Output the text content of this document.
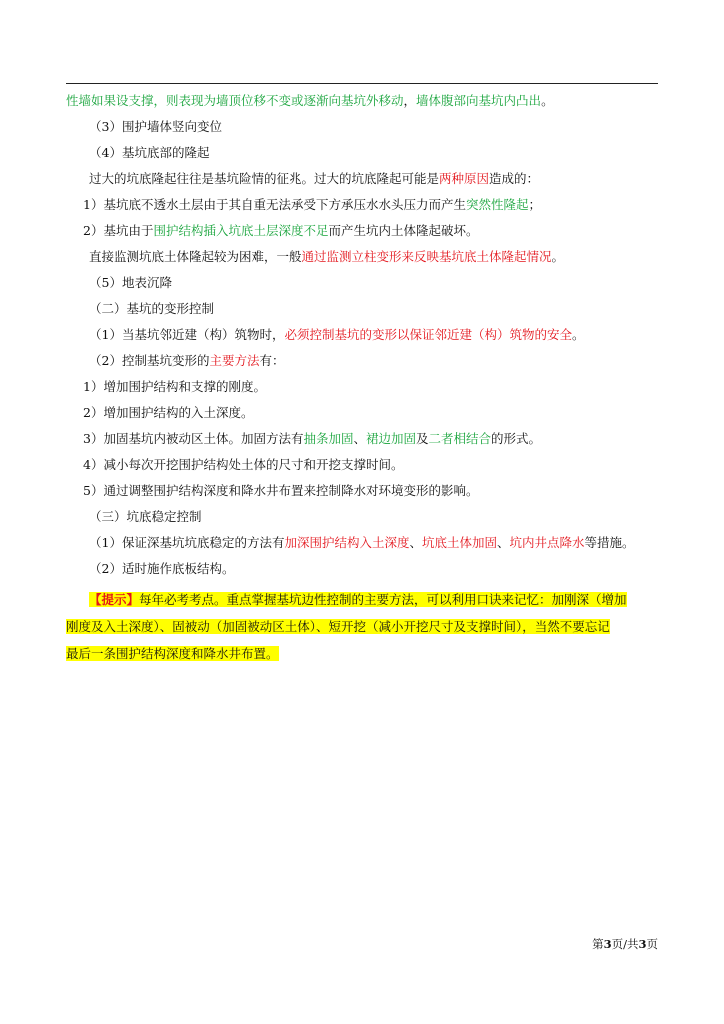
性墙如果设支撑，则表现为墙顶位移不变或逐渐向基坑外移动，墙体腹部向基坑内凸出。
（3）围护墙体竖向变位
（4）基坑底部的隆起
过大的坑底隆起往往是基坑险情的征兆。过大的坑底隆起可能是两种原因造成的：
1）基坑底不透水土层由于其自重无法承受下方承压水水头压力而产生突然性隆起；
2）基坑由于围护结构插入坑底土层深度不足而产生坑内土体隆起破坏。
直接监测坑底土体隆起较为困难，一般通过监测立柱变形来反映基坑底土体隆起情况。
（5）地表沉降
（二）基坑的变形控制
（1）当基坑邻近建（构）筑物时，必须控制基坑的变形以保证邻近建（构）筑物的安全。
（2）控制基坑变形的主要方法有：
1）增加围护结构和支撑的刚度。
2）增加围护结构的入土深度。
3）加固基坑内被动区土体。加固方法有抽条加固、裙边加固及二者相结合的形式。
4）减小每次开挖围护结构处土体的尺寸和开挖支撑时间。
5）通过调整围护结构深度和降水井布置来控制降水对环境变形的影响。
（三）坑底稳定控制
（1）保证深基坑坑底稳定的方法有加深围护结构入土深度、坑底土体加固、坑内井点降水等措施。
（2）适时施作底板结构。
【提示】每年必考考点。重点掌握基坑边性控制的主要方法，可以利用口诀来记忆：加刚深（增加
刚度及入土深度）、固被动（加固被动区土体）、短开挖（减小开挖尺寸及支撑时间），当然不要忘记
最后一条围护结构深度和降水井布置。
第3页/共3页
